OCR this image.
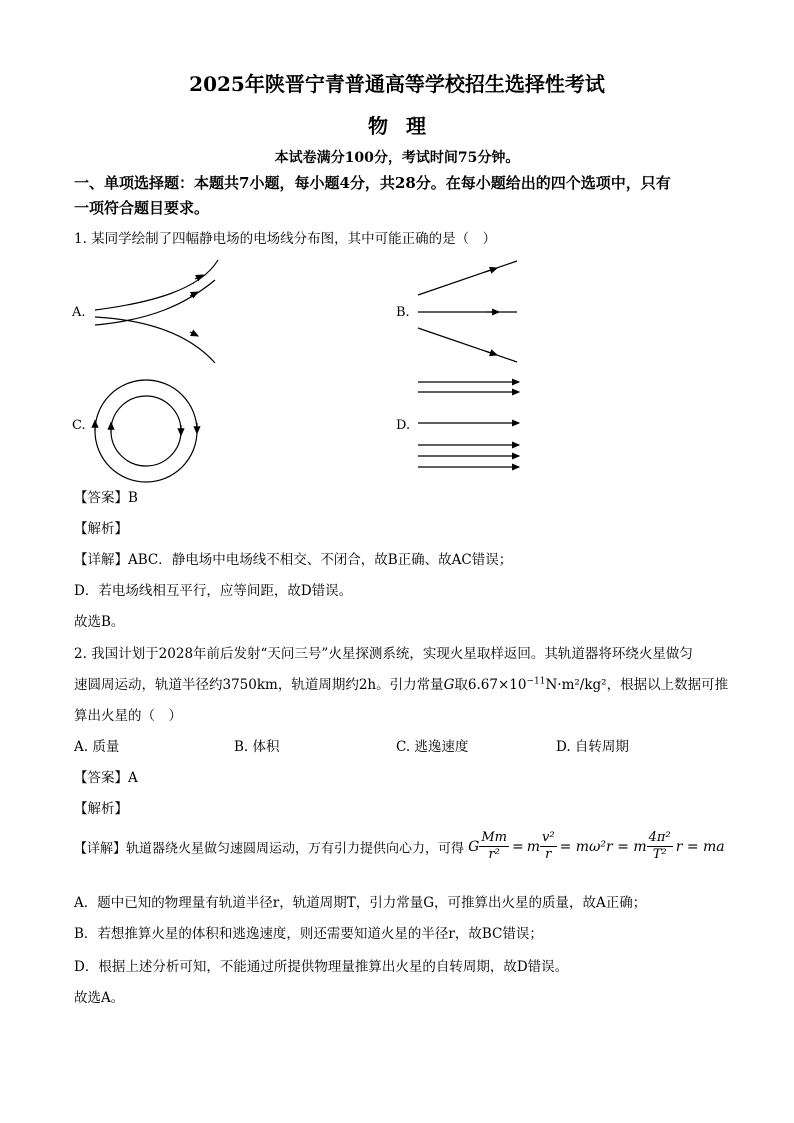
2025年陕晋宁青普通高等学校招生选择性考试
物理
本试卷满分100分，考试时间75分钟。
一、单项选择题：本题共7小题，每小题4分，共28分。在每小题给出的四个选项中，只有
一项符合题目要求。
1. 某同学绘制了四幅静电场的电场线分布图，其中可能正确的是（　）
A.	B.
C.	D.
【答案】B
【解析】
【详解】ABC．静电场中电场线不相交、不闭合，故B正确、故AC错误；
D．若电场线相互平行，应等间距，故D错误。
故选B。
2. 我国计划于2028年前后发射“天问三号”火星探测系统，实现火星取样返回。其轨道器将环绕火星做匀
速圆周运动，轨道半径约3750km，轨道周期约2h。引力常量G取$6.67\times 10^{-11}N\cdot m^2$/kg²，根据以上数据可推
算出火星的（　）
A. 质量	B. 体积	C. 逃逸速度	D. 自转周期
【答案】A
【解析】
【详解】轨道器绕火星做匀速圆周运动，万有引力提供向心力，可得 G $\frac{Mm}{\text{r²}} = m \frac{\text{v²}}{r} = m\omega^2r = m \frac{\text{4π²}}{\text{T²}}$ r = ma
A．题中已知的物理量有轨道半径r，轨道周期T，引力常量G，可推算出火星的质量，故A正确；
B．若想推算火星的体积和逃逸速度，则还需要知道火星的半径r，故BC错误；
D．根据上述分析可知，不能通过所提供物理量推算出火星的自转周期，故D错误。
故选A。
